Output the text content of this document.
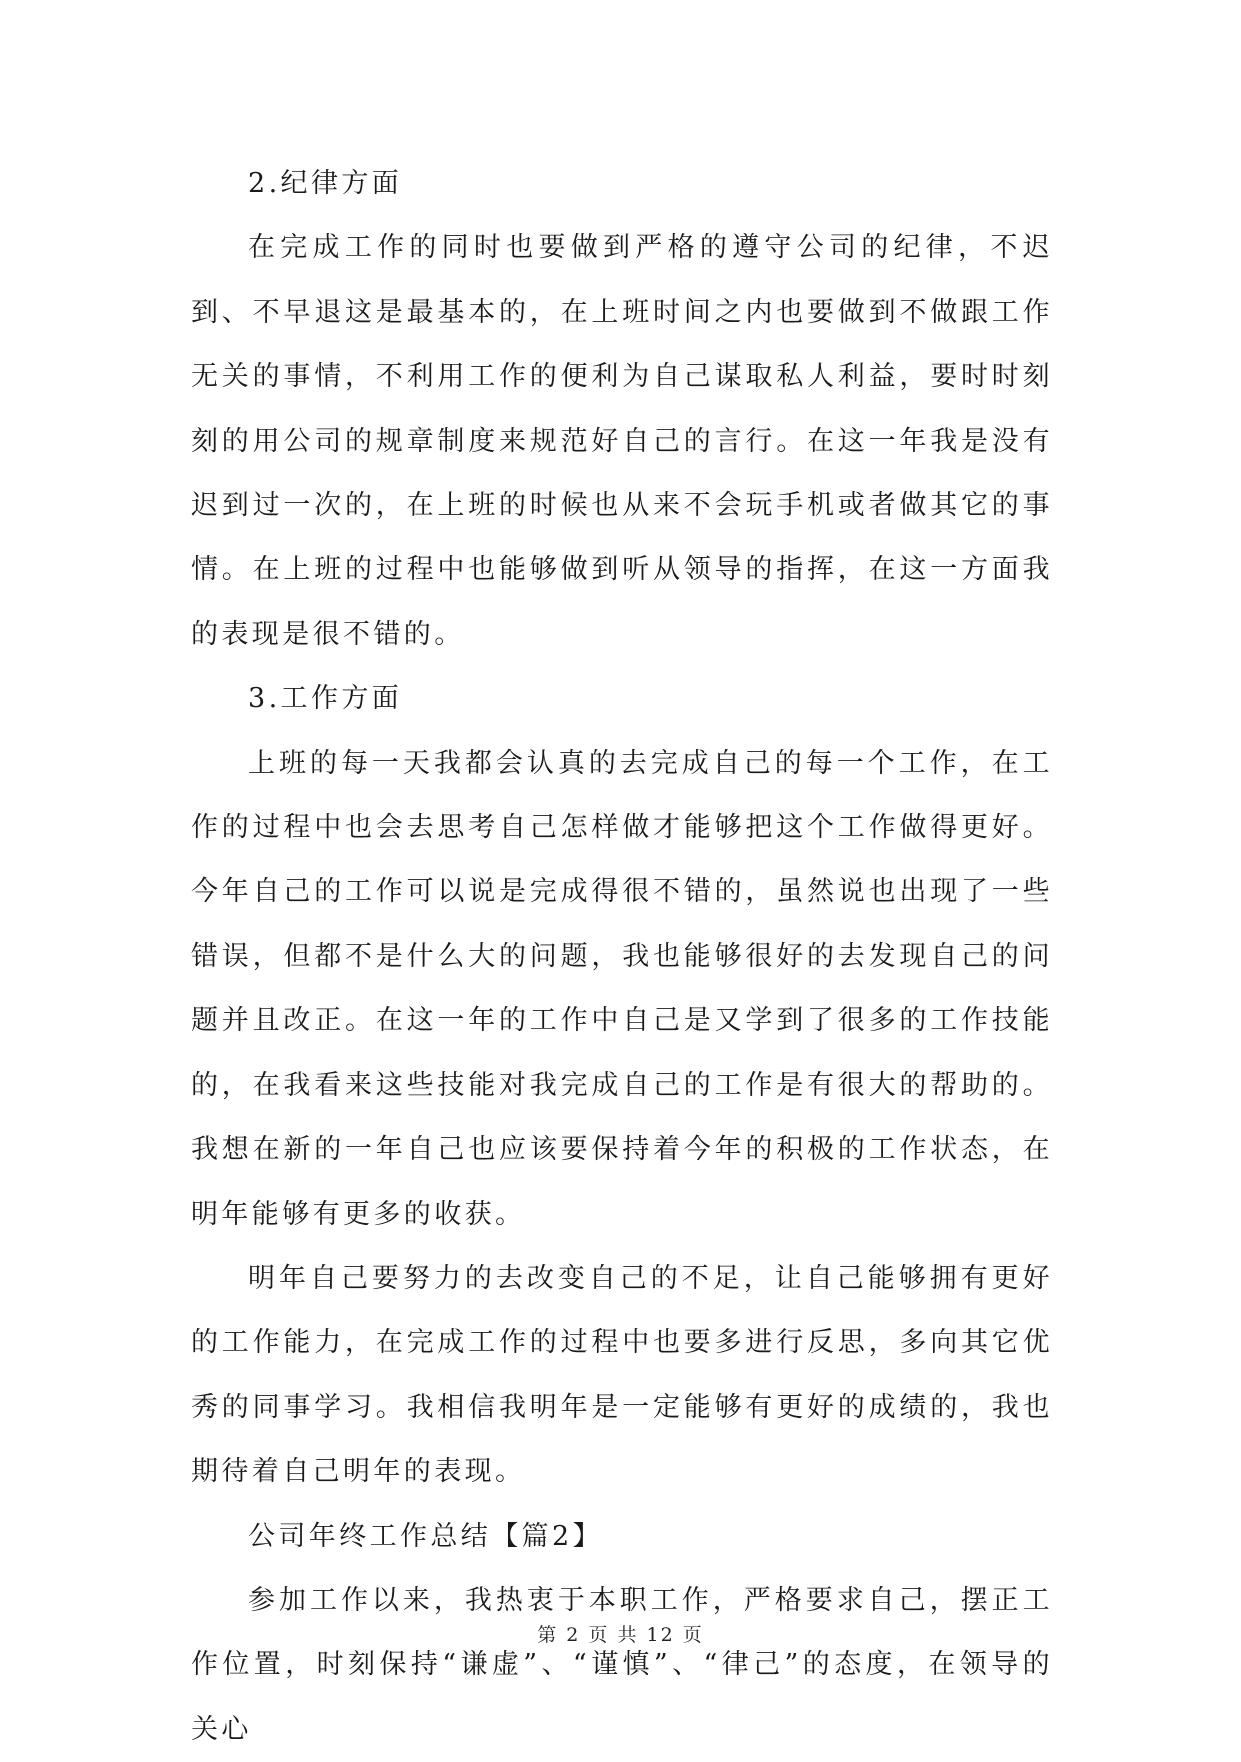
2.纪律方面

在完成工作的同时也要做到严格的遵守公司的纪律，不迟到、不早退这是最基本的，在上班时间之内也要做到不做跟工作无关的事情，不利用工作的便利为自己谋取私人利益，要时时刻刻的用公司的规章制度来规范好自己的言行。在这一年我是没有迟到过一次的，在上班的时候也从来不会玩手机或者做其它的事情。在上班的过程中也能够做到听从领导的指挥，在这一方面我的表现是很不错的。

3.工作方面

上班的每一天我都会认真的去完成自己的每一个工作，在工作的过程中也会去思考自己怎样做才能够把这个工作做得更好。今年自己的工作可以说是完成得很不错的，虽然说也出现了一些错误，但都不是什么大的问题，我也能够很好的去发现自己的问题并且改正。在这一年的工作中自己是又学到了很多的工作技能的，在我看来这些技能对我完成自己的工作是有很大的帮助的。我想在新的一年自己也应该要保持着今年的积极的工作状态，在明年能够有更多的收获。

明年自己要努力的去改变自己的不足，让自己能够拥有更好的工作能力，在完成工作的过程中也要多进行反思，多向其它优秀的同事学习。我相信我明年是一定能够有更好的成绩的，我也期待着自己明年的表现。

公司年终工作总结【篇2】

参加工作以来，我热衷于本职工作，严格要求自己，摆正工作位置，时刻保持“谦虚”、“谨慎”、“律己”的态度，在领导的关心

第 2 页 共 12 页
